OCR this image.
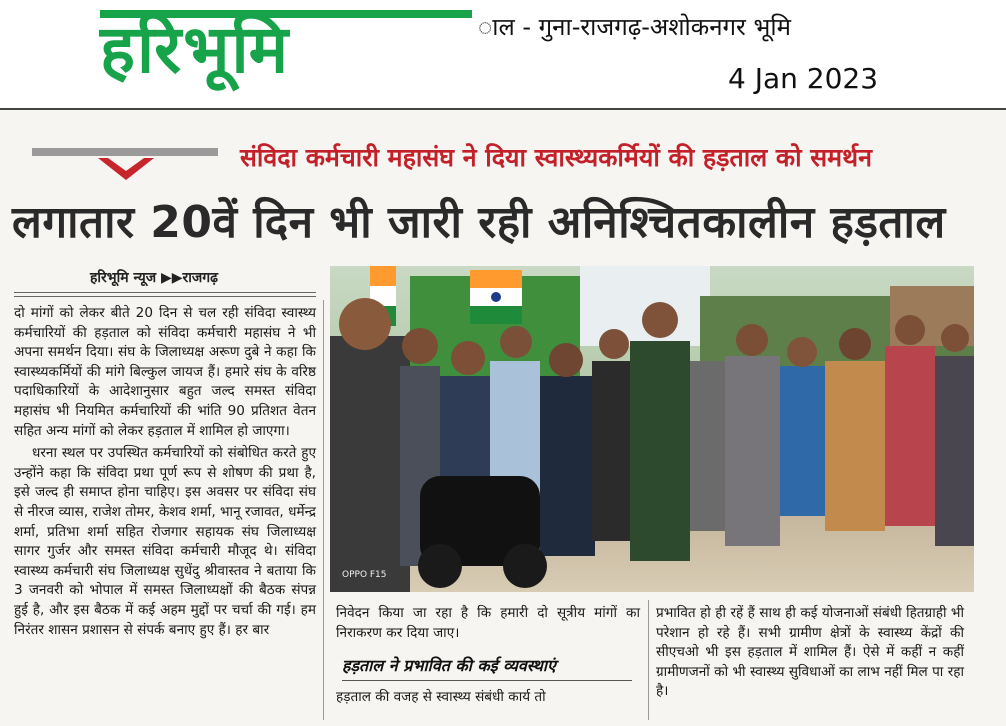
हरिभूमि	ाल - गुना-राजगढ़-अशोकनगर भूमि
4 Jan 2023
संविदा कर्मचारी महासंघ ने दिया स्वास्थ्यकर्मियों की हड़ताल को समर्थन
लगातार 20वें दिन भी जारी रही अनिश्चितकालीन हड़ताल
हरिभूमि न्यूज ▶▶राजगढ़

दो मांगों को लेकर बीते 20 दिन से चल रही संविदा स्वास्थ्य कर्मचारियों की हड़ताल को संविदा कर्मचारी महासंघ ने भी अपना समर्थन दिया। संघ के जिलाध्यक्ष अरूण दुबे ने कहा कि स्वास्थ्यकर्मियों की मांगे बिल्कुल जायज हैं। हमारे संघ के वरिष्ठ पदाधिकारियों के आदेशानुसार बहुत जल्द समस्त संविदा महासंघ भी नियमित कर्मचारियों की भांति 90 प्रतिशत वेतन सहित अन्य मांगों को लेकर हड़ताल में शामिल हो जाएगा।

धरना स्थल पर उपस्थित कर्मचारियों को संबोधित करते हुए उन्होंने कहा कि संविदा प्रथा पूर्ण रूप से शोषण की प्रथा है, इसे जल्द ही समाप्त होना चाहिए। इस अवसर पर संविदा संघ से नीरज व्यास, राजेश तोमर, केशव शर्मा, भानू रजावत, धर्मेन्द्र शर्मा, प्रतिभा शर्मा सहित रोजगार सहायक संघ जिलाध्यक्ष सागर गुर्जर और समस्त संविदा कर्मचारी मौजूद थे। संविदा स्वास्थ्य कर्मचारी संघ जिलाध्यक्ष सुधेंदु श्रीवास्तव ने बताया कि 3 जनवरी को भोपाल में समस्त जिलाध्यक्षों की बैठक संपन्न हुई है, और इस बैठक में कई अहम मुद्दों पर चर्चा की गई। हम निरंतर शासन प्रशासन से संपर्क बनाए हुए हैं। हर बार

OPPO F15
निवेदन किया जा रहा है कि हमारी दो सूत्रीय मांगों का निराकरण कर दिया जाए।
हड़ताल ने प्रभावित की कई व्यवस्थाएं
हड़ताल की वजह से स्वास्थ्य संबंधी कार्य तो
प्रभावित हो ही रहें हैं साथ ही कई योजनाओं संबंधी हितग्राही भी परेशान हो रहे हैं। सभी ग्रामीण क्षेत्रों के स्वास्थ्य केंद्रों की सीएचओ भी इस हड़ताल में शामिल हैं। ऐसे में कहीं न कहीं ग्रामीणजनों को भी स्वास्थ्य सुविधाओं का लाभ नहीं मिल पा रहा है।
